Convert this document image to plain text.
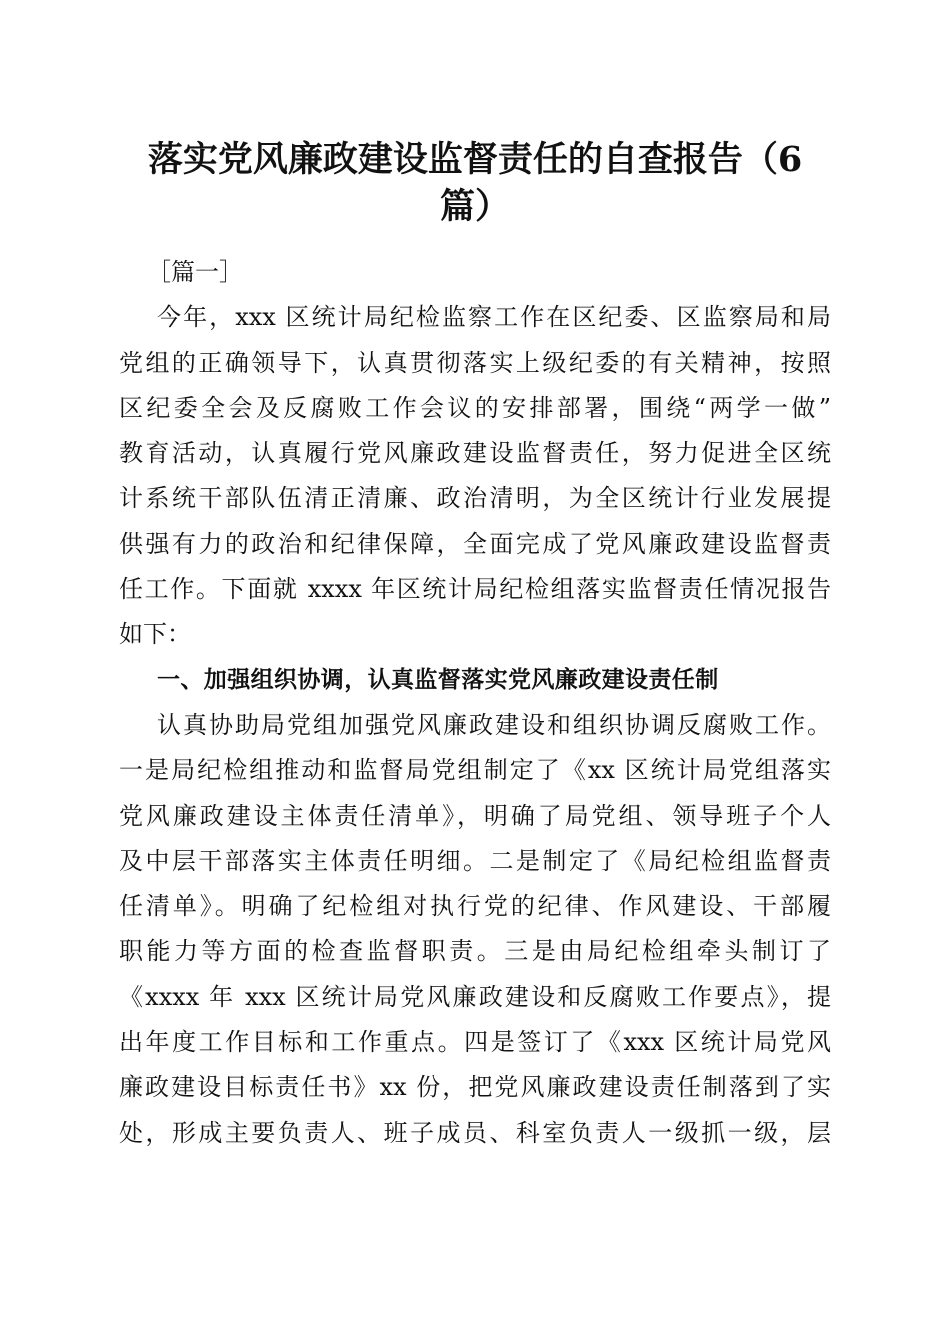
落实党风廉政建设监督责任的自查报告（6
篇）
［篇一］
今年，xxx 区统计局纪检监察工作在区纪委、区监察局和局
党组的正确领导下，认真贯彻落实上级纪委的有关精神，按照
区纪委全会及反腐败工作会议的安排部署，围绕“两学一做”
教育活动，认真履行党风廉政建设监督责任，努力促进全区统
计系统干部队伍清正清廉、政治清明，为全区统计行业发展提
供强有力的政治和纪律保障，全面完成了党风廉政建设监督责
任工作。下面就 xxxx 年区统计局纪检组落实监督责任情况报告
如下：
一、加强组织协调，认真监督落实党风廉政建设责任制
认真协助局党组加强党风廉政建设和组织协调反腐败工作。
一是局纪检组推动和监督局党组制定了《xx 区统计局党组落实
党风廉政建设主体责任清单》，明确了局党组、领导班子个人
及中层干部落实主体责任明细。二是制定了《局纪检组监督责
任清单》。明确了纪检组对执行党的纪律、作风建设、干部履
职能力等方面的检查监督职责。三是由局纪检组牵头制订了
《xxxx 年 xxx 区统计局党风廉政建设和反腐败工作要点》，提
出年度工作目标和工作重点。四是签订了《xxx 区统计局党风
廉政建设目标责任书》xx 份，把党风廉政建设责任制落到了实
处，形成主要负责人、班子成员、科室负责人一级抓一级，层
